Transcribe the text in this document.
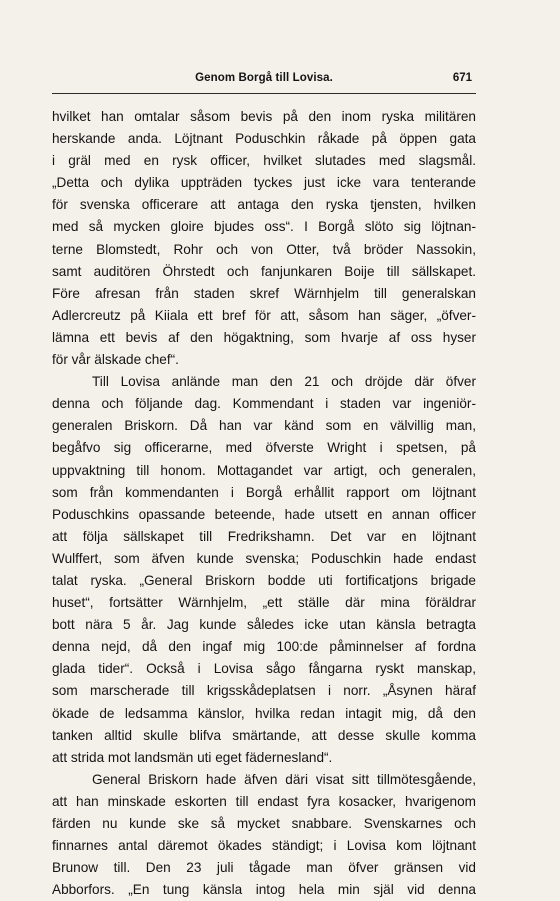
Genom Borgå till Lovisa.	671
hvilket han omtalar såsom bevis på den inom ryska militären
herskande anda. Löjtnant Poduschkin råkade på öppen gata
i gräl med en rysk officer, hvilket slutades med slagsmål.
„Detta och dylika uppträden tyckes just icke vara tenterande
för svenska officerare att antaga den ryska tjensten, hvilken
med så mycken gloire bjudes oss“. I Borgå slöto sig löjtnan-
terne Blomstedt, Rohr och von Otter, två bröder Nassokin,
samt auditören Öhrstedt och fanjunkaren Boije till sällskapet.
Före afresan från staden skref Wärnhjelm till generalskan
Adlercreutz på Kiiala ett bref för att, såsom han säger, „öfver-
lämna ett bevis af den högaktning, som hvarje af oss hyser
för vår älskade chef“.
Till Lovisa anlände man den 21 och dröjde där öfver
denna och följande dag. Kommendant i staden var ingeniör-
generalen Briskorn. Då han var känd som en välvillig man,
begåfvo sig officerarne, med öfverste Wright i spetsen, på
uppvaktning till honom. Mottagandet var artigt, och generalen,
som från kommendanten i Borgå erhållit rapport om löjtnant
Poduschkins opassande beteende, hade utsett en annan officer
att följa sällskapet till Fredrikshamn. Det var en löjtnant
Wulffert, som äfven kunde svenska; Poduschkin hade endast
talat ryska. „General Briskorn bodde uti fortificatjons brigade
huset“, fortsätter Wärnhjelm, „ett ställe där mina föräldrar
bott nära 5 år. Jag kunde således icke utan känsla betragta
denna nejd, då den ingaf mig 100:de påminnelser af fordna
glada tider“. Också i Lovisa sågo fångarna ryskt manskap,
som marscherade till krigsskådeplatsen i norr. „Åsynen häraf
ökade de ledsamma känslor, hvilka redan intagit mig, då den
tanken alltid skulle blifva smärtande, att desse skulle komma
att strida mot landsmän uti eget fädernesland“.
General Briskorn hade äfven däri visat sitt tillmötesgående,
att han minskade eskorten till endast fyra kosacker, hvarigenom
färden nu kunde ske så mycket snabbare. Svenskarnes och
finnarnes antal däremot ökades ständigt; i Lovisa kom löjtnant
Brunow till. Den 23 juli tågade man öfver gränsen vid
Abborfors. „En tung känsla intog hela min själ vid denna
